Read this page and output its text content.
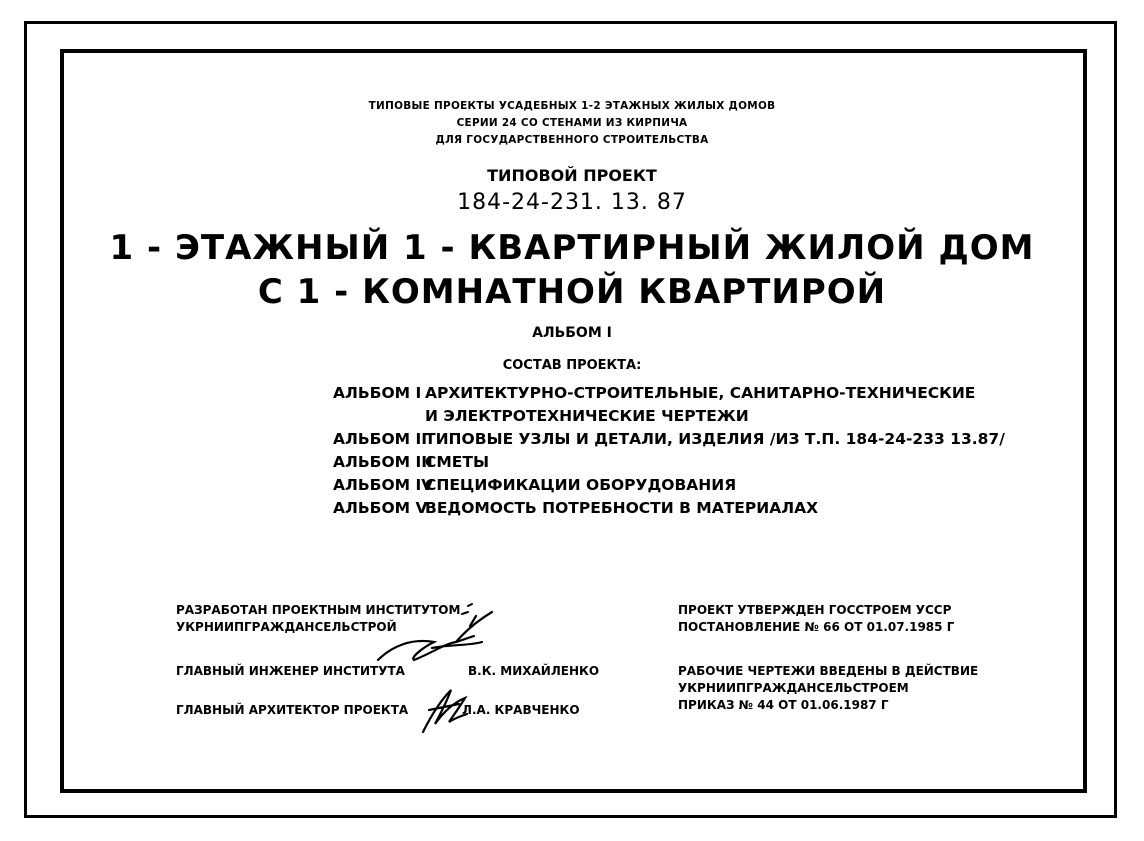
ТИПОВЫЕ ПРОЕКТЫ УСАДЕБНЫХ 1-2 ЭТАЖНЫХ ЖИЛЫХ ДОМОВ
СЕРИИ 24 СО СТЕНАМИ ИЗ КИРПИЧА
ДЛЯ ГОСУДАРСТВЕННОГО СТРОИТЕЛЬСТВА
ТИПОВОЙ ПРОЕКТ
184-24-231. 13. 87
1 - ЭТАЖНЫЙ 1 - КВАРТИРНЫЙ ЖИЛОЙ ДОМ
С 1 - КОМНАТНОЙ КВАРТИРОЙ
АЛЬБОМ I
СОСТАВ ПРОЕКТА:
АЛЬБОМ I АРХИТЕКТУРНО-СТРОИТЕЛЬНЫЕ, САНИТАРНО-ТЕХНИЧЕСКИЕ
И ЭЛЕКТРОТЕХНИЧЕСКИЕ ЧЕРТЕЖИ
АЛЬБОМ II
ТИПОВЫЕ УЗЛЫ И ДЕТАЛИ, ИЗДЕЛИЯ /ИЗ Т.П. 184-24-233 13.87/
АЛЬБОМ III
СМЕТЫ
АЛЬБОМ IV
СПЕЦИФИКАЦИИ ОБОРУДОВАНИЯ
АЛЬБОМ V
ВЕДОМОСТЬ ПОТРЕБНОСТИ В МАТЕРИАЛАХ
РАЗРАБОТАН ПРОЕКТНЫМ ИНСТИТУТОМ
УКРНИИПГРАЖДАНСЕЛЬСТРОЙ
ГЛАВНЫЙ ИНЖЕНЕР ИНСТИТУТА	В.К. МИХАЙЛЕНКО
ГЛАВНЫЙ АРХИТЕКТОР ПРОЕКТА	Л.А. КРАВЧЕНКО
ПРОЕКТ УТВЕРЖДЕН ГОССТРОЕМ УССР
ПОСТАНОВЛЕНИЕ № 66 ОТ 01.07.1985 Г
РАБОЧИЕ ЧЕРТЕЖИ ВВЕДЕНЫ В ДЕЙСТВИЕ
УКРНИИПГРАЖДАНСЕЛЬСТРОЕМ
ПРИКАЗ № 44 ОТ 01.06.1987 Г
